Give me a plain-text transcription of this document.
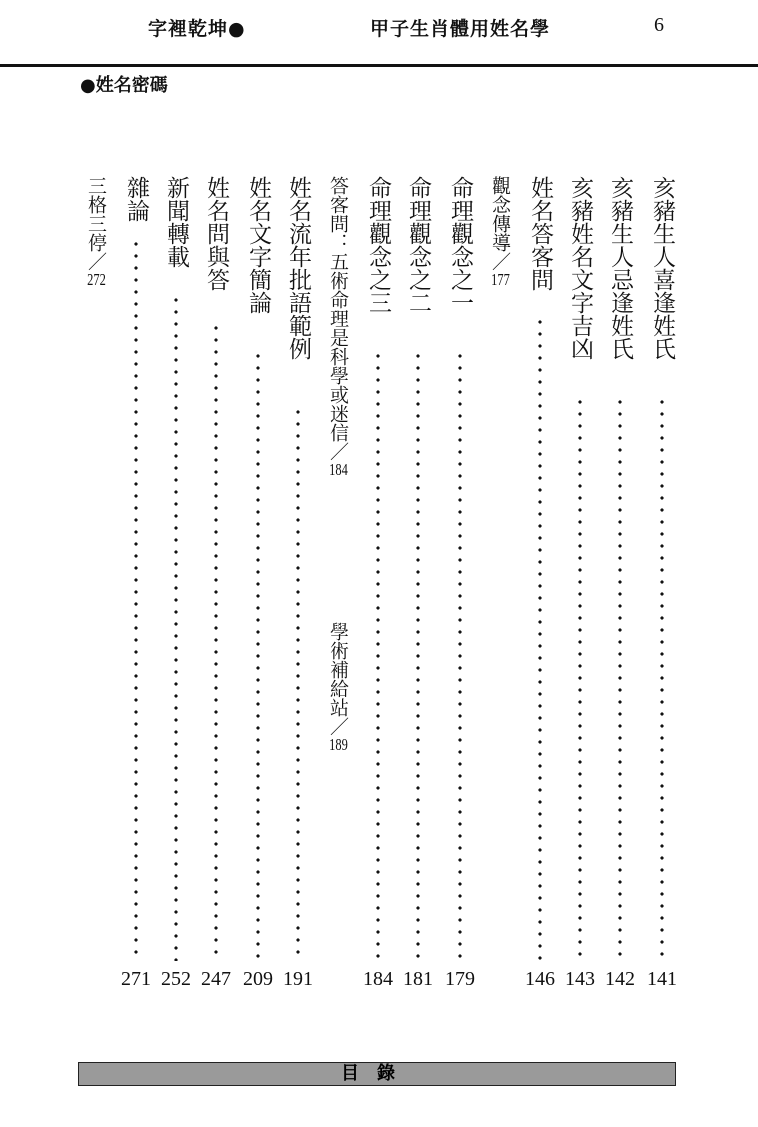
字裡乾坤●	甲子生肖體用姓名學	6
●姓名密碼
亥豬生人喜逢姓氏
141
亥豬生人忌逢姓氏
142
亥豬姓名文字吉凶
143
姓名答客問
146
觀念傳導／177
命理觀念之一
179
命理觀念之二
181
命理觀念之三
184
答客問：五術命理是科學或迷信／184
學術補給站／189
姓名流年批語範例
191
姓名文字簡論
209
姓名問與答
247
新聞轉載
252
雜論
271
三格三停／272
目錄
